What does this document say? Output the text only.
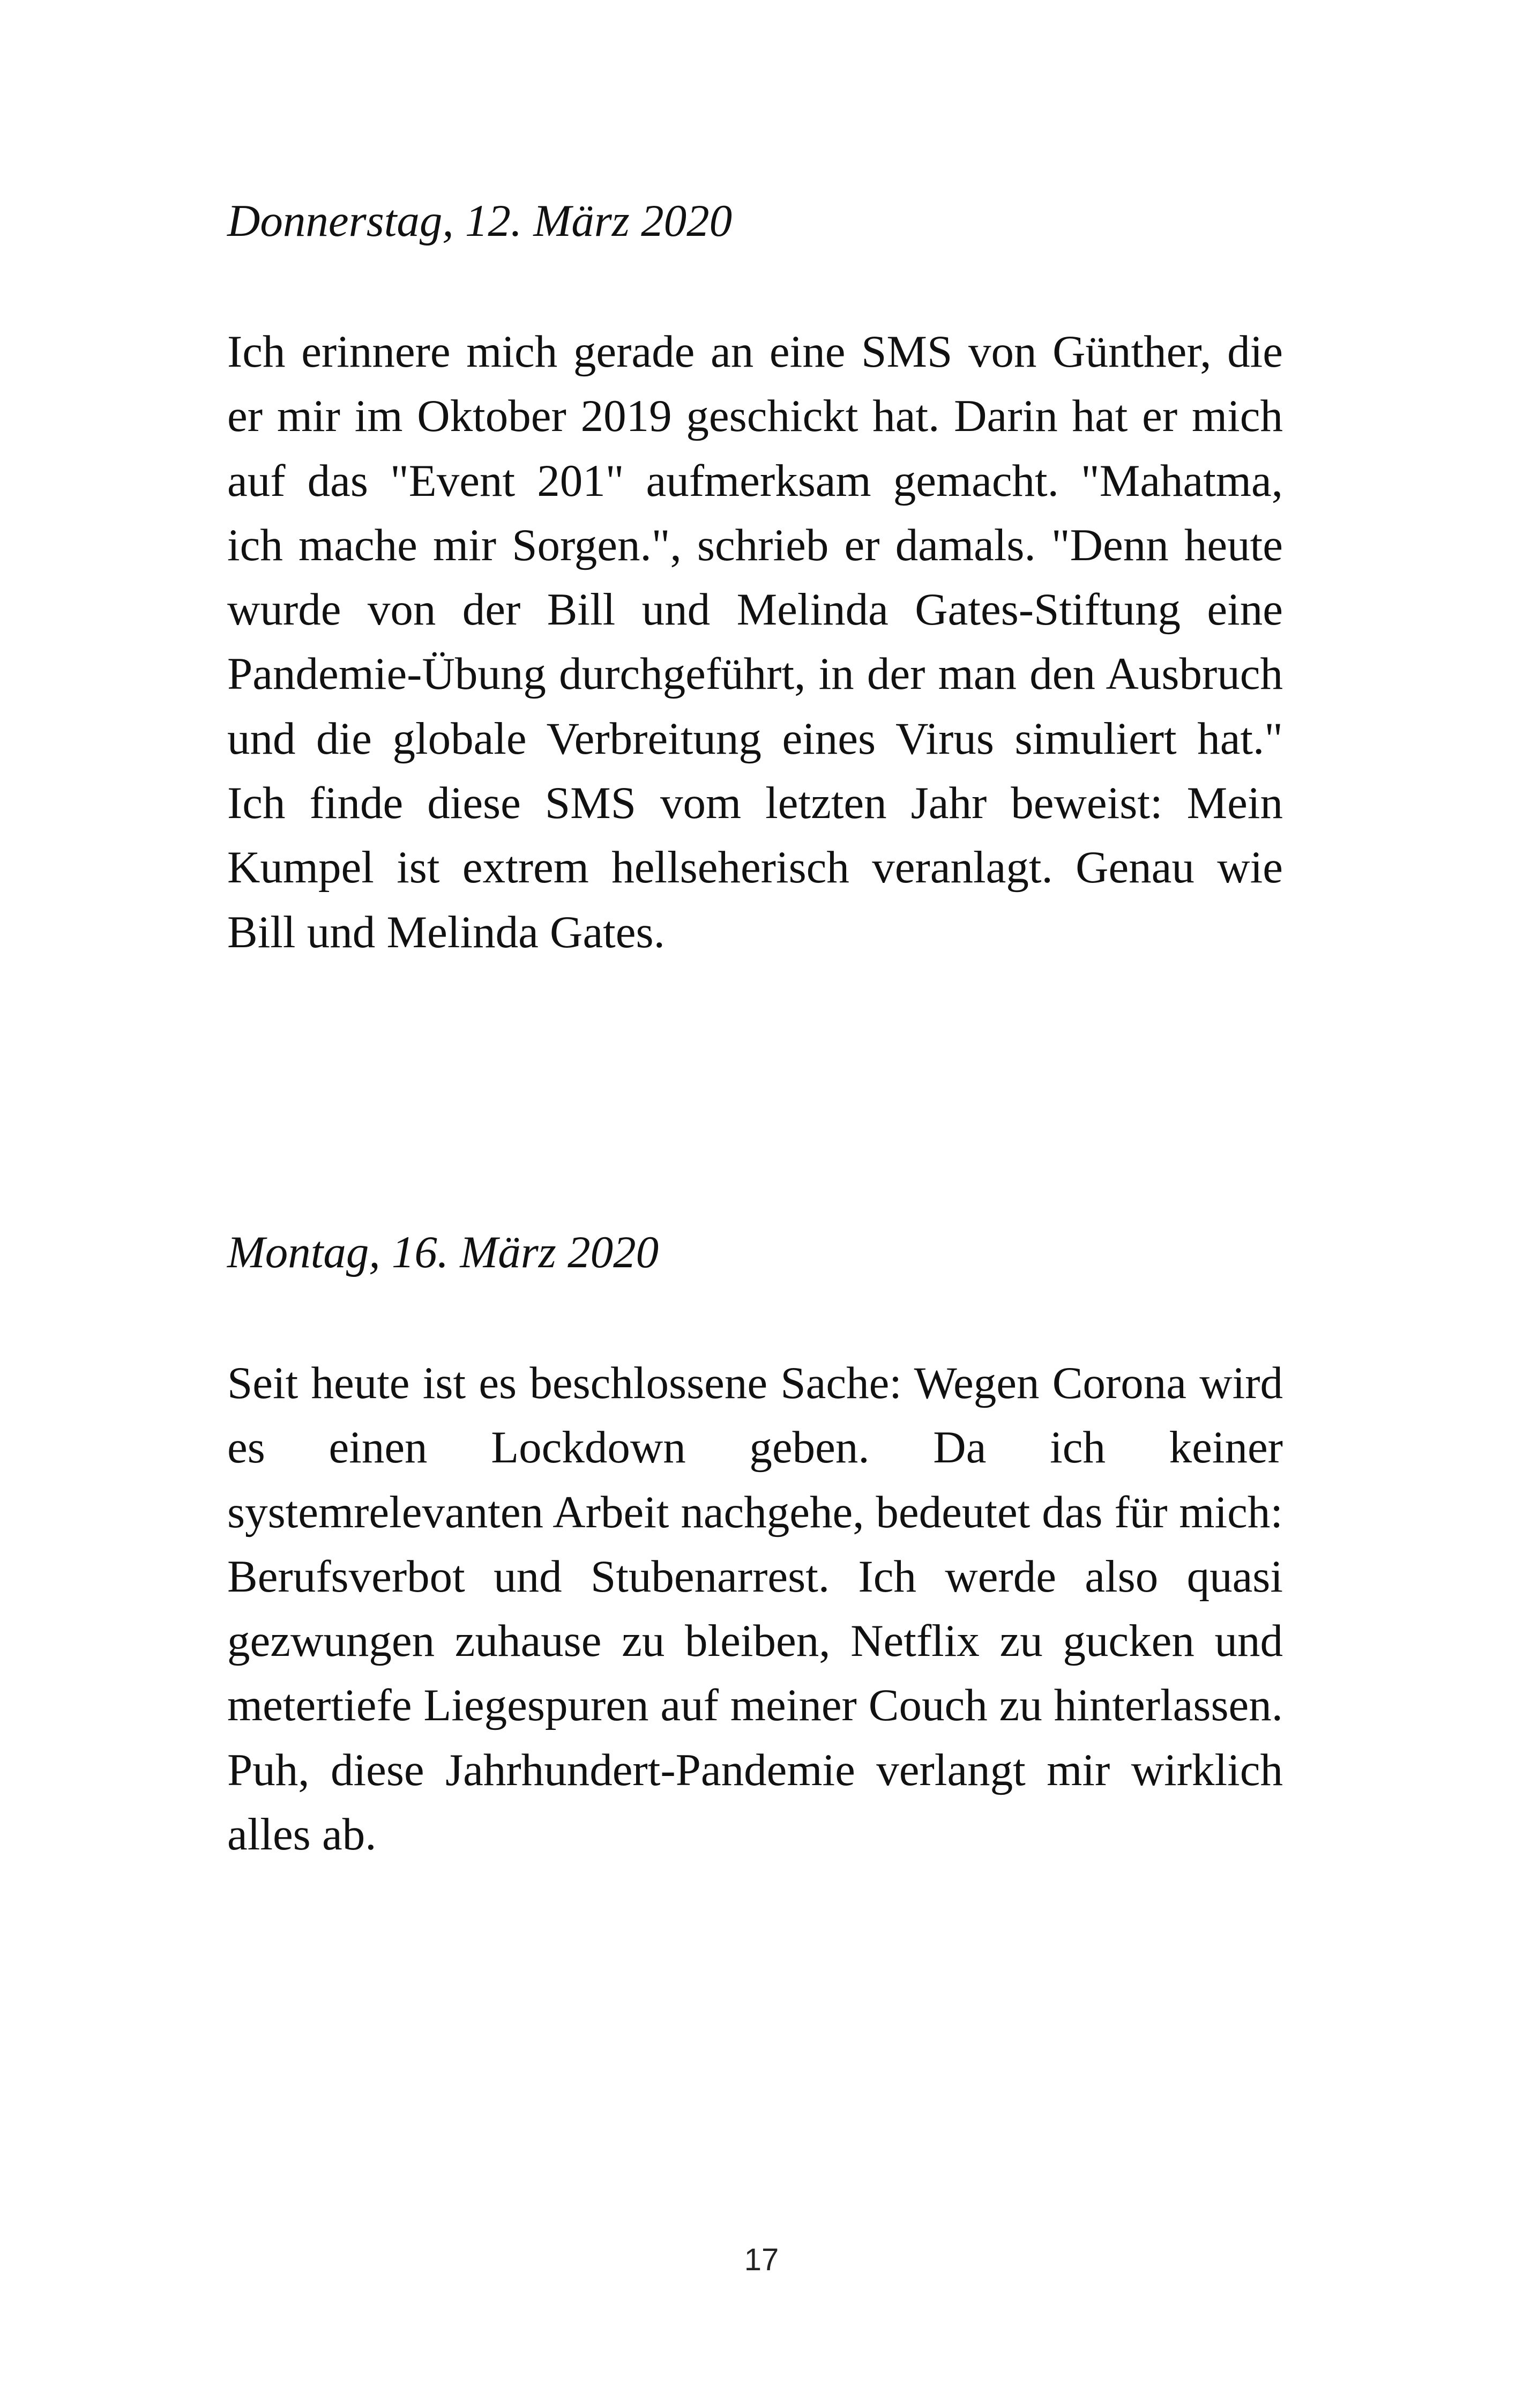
Donnerstag, 12. März 2020

Ich erinnere mich gerade an eine SMS von Günther, die er mir im Oktober 2019 geschickt hat. Darin hat er mich auf das "Event 201" aufmerksam gemacht. "Mahatma, ich mache mir Sorgen.", schrieb er damals. "Denn heute wurde von der Bill und Melinda Gates-Stiftung eine Pandemie-Übung durchgeführt, in der man den Ausbruch und die globale Verbreitung eines Virus simuliert hat." Ich finde diese SMS vom letzten Jahr beweist: Mein Kumpel ist extrem hellseherisch veranlagt. Genau wie Bill und Melinda Gates.

Montag, 16. März 2020

Seit heute ist es beschlossene Sache: Wegen Corona wird es einen Lockdown geben. Da ich keiner systemrelevanten Arbeit nachgehe, bedeutet das für mich: Berufsverbot und Stubenarrest. Ich werde also quasi gezwungen zuhause zu bleiben, Netflix zu gucken und metertiefe Liegespuren auf meiner Couch zu hinterlassen. Puh, diese Jahrhundert-Pandemie verlangt mir wirklich alles ab.

17
